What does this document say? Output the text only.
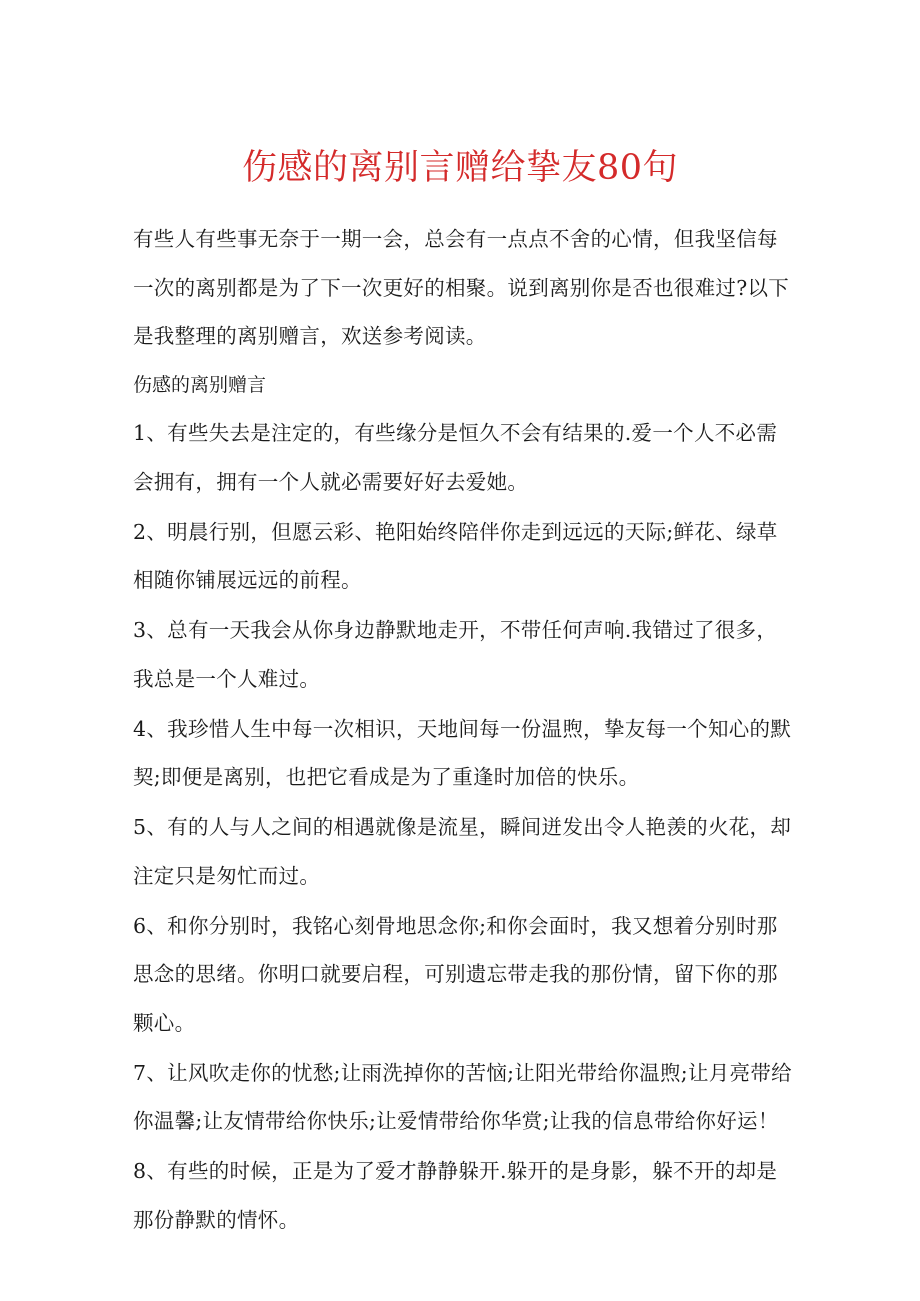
伤感的离别言赠给挚友80句

有些人有些事无奈于一期一会，总会有一点点不舍的心情，但我坚信每一次的离别都是为了下一次更好的相聚。说到离别你是否也很难过?以下是我整理的离别赠言，欢送参考阅读。

伤感的离别赠言

1、有些失去是注定的，有些缘分是恒久不会有结果的.爱一个人不必需会拥有，拥有一个人就必需要好好去爱她。

2、明晨行别，但愿云彩、艳阳始终陪伴你走到远远的天际;鲜花、绿草相随你铺展远远的前程。

3、总有一天我会从你身边静默地走开，不带任何声响.我错过了很多，我总是一个人难过。

4、我珍惜人生中每一次相识，天地间每一份温煦，挚友每一个知心的默契;即便是离别，也把它看成是为了重逢时加倍的快乐。

5、有的人与人之间的相遇就像是流星，瞬间迸发出令人艳羡的火花，却注定只是匆忙而过。

6、和你分别时，我铭心刻骨地思念你;和你会面时，我又想着分别时那思念的思绪。你明口就要启程，可别遗忘带走我的那份情，留下你的那颗心。

7、让风吹走你的忧愁;让雨洗掉你的苦恼;让阳光带给你温煦;让月亮带给你温馨;让友情带给你快乐;让爱情带给你华赏;让我的信息带给你好运！

8、有些的时候，正是为了爱才静静躲开.躲开的是身影，躲不开的却是那份静默的情怀。
